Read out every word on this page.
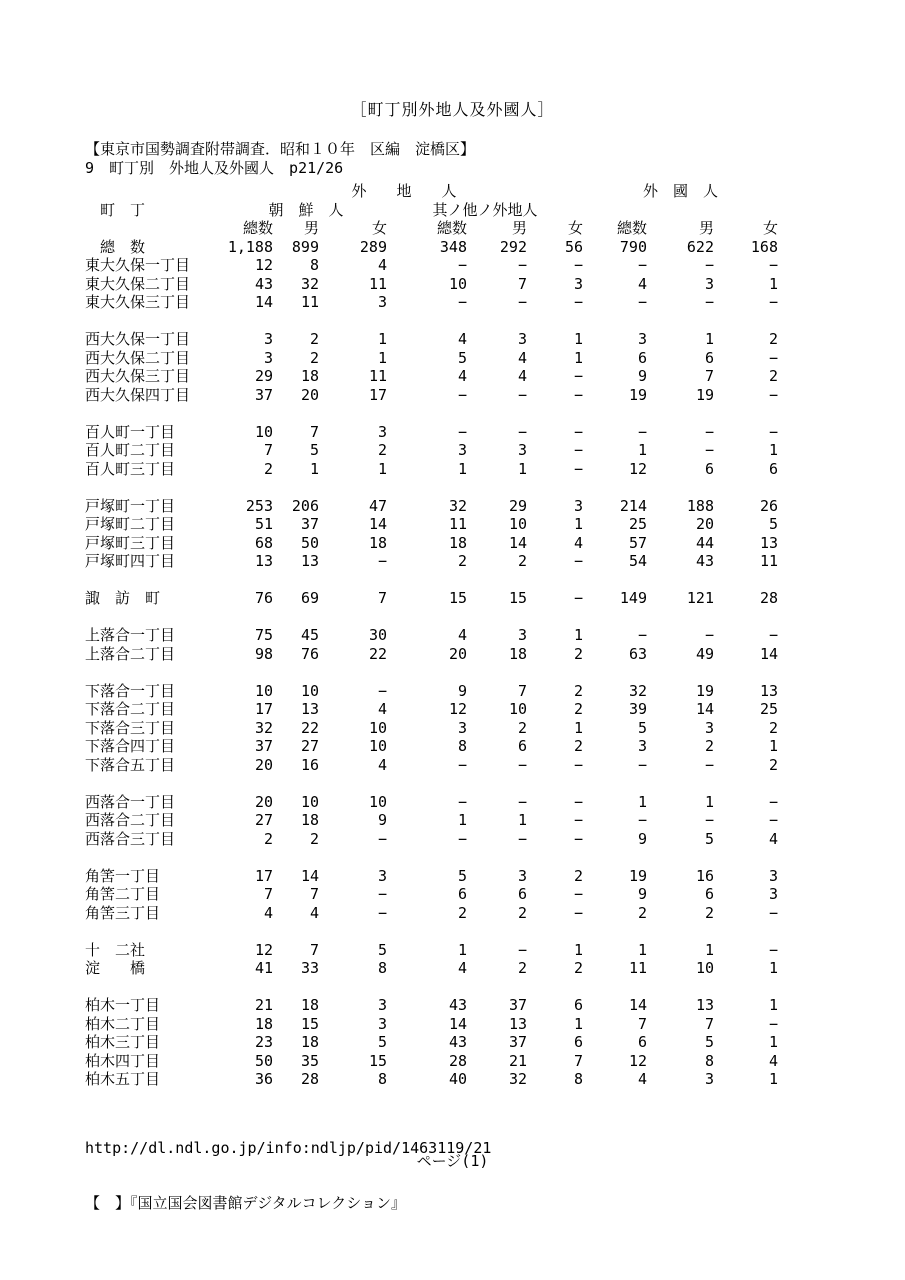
［町丁別外地人及外國人］
【東京市国勢調査附帯調査．昭和１０年　区編　淀橋区】
9　町丁別　外地人及外國人　p21/26
	外　　地　　人						外　國　人		
　町　丁	朝　鮮　人			其ノ他ノ外地人					
	總数	男	女	總数	男	女	總数	男	女
　總　数	1,188	899	289	348	292	56	790	622	168
東大久保一丁目	12	8	4	−	−	−	−	−	−
東大久保二丁目	43	32	11	10	7	3	4	3	1
東大久保三丁目	14	11	3	−	−	−	−	−	−
西大久保一丁目	3	2	1	4	3	1	3	1	2
西大久保二丁目	3	2	1	5	4	1	6	6	−
西大久保三丁目	29	18	11	4	4	−	9	7	2
西大久保四丁目	37	20	17	−	−	−	19	19	−
百人町一丁目	10	7	3	−	−	−	−	−	−
百人町二丁目	7	5	2	3	3	−	1	−	1
百人町三丁目	2	1	1	1	1	−	12	6	6
戸塚町一丁目	253	206	47	32	29	3	214	188	26
戸塚町二丁目	51	37	14	11	10	1	25	20	5
戸塚町三丁目	68	50	18	18	14	4	57	44	13
戸塚町四丁目	13	13	−	2	2	−	54	43	11
諏　訪　町	76	69	7	15	15	−	149	121	28
上落合一丁目	75	45	30	4	3	1	−	−	−
上落合二丁目	98	76	22	20	18	2	63	49	14
下落合一丁目	10	10	−	9	7	2	32	19	13
下落合二丁目	17	13	4	12	10	2	39	14	25
下落合三丁目	32	22	10	3	2	1	5	3	2
下落合四丁目	37	27	10	8	6	2	3	2	1
下落合五丁目	20	16	4	−	−	−	−	−	2
西落合一丁目	20	10	10	−	−	−	1	1	−
西落合二丁目	27	18	9	1	1	−	−	−	−
西落合三丁目	2	2	−	−	−	−	9	5	4
角筈一丁目	17	14	3	5	3	2	19	16	3
角筈二丁目	7	7	−	6	6	−	9	6	3
角筈三丁目	4	4	−	2	2	−	2	2	−
十　二社	12	7	5	1	−	1	1	1	−
淀　　橋	41	33	8	4	2	2	11	10	1
柏木一丁目	21	18	3	43	37	6	14	13	1
柏木二丁目	18	15	3	14	13	1	7	7	−
柏木三丁目	23	18	5	43	37	6	6	5	1
柏木四丁目	50	35	15	28	21	7	12	8	4
柏木五丁目	36	28	8	40	32	8	4	3	1

http://dl.ndl.go.jp/info:ndljp/pid/1463119/21

【　】『国立国会図書館デジタルコレクション』

ページ(1)
